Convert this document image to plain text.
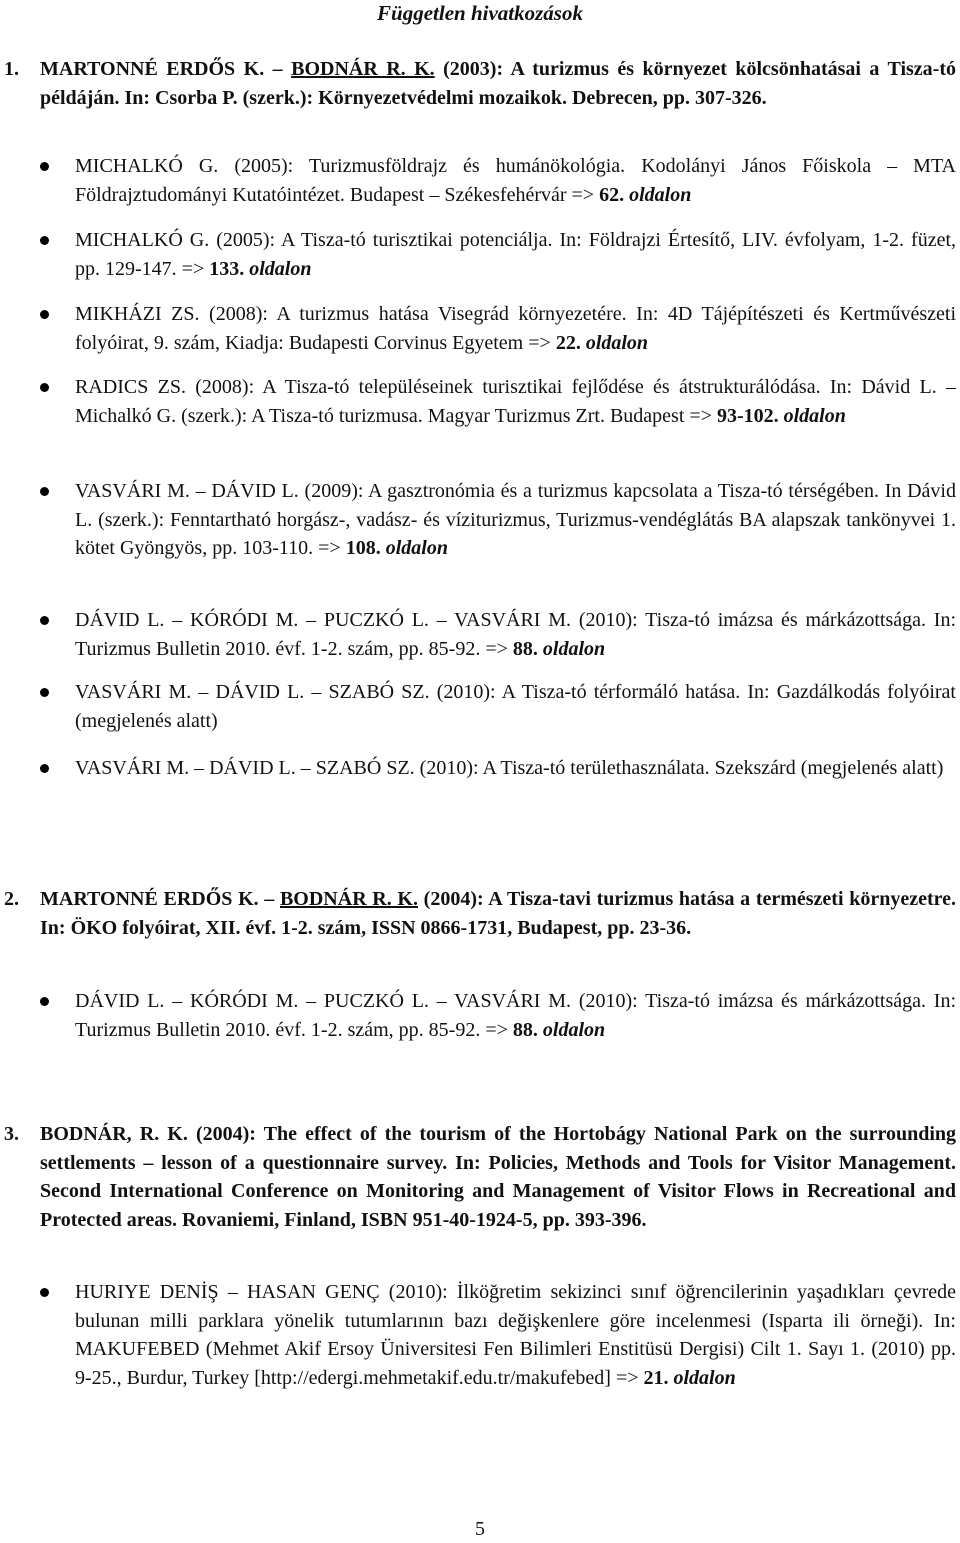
Független hivatkozások
1. MARTONNÉ ERDŐS K. – BODNÁR R. K. (2003): A turizmus és környezet kölcsönhatásai a Tisza-tó példáján. In: Csorba P. (szerk.): Környezetvédelmi mozaikok. Debrecen, pp. 307-326.
MICHALKÓ G. (2005): Turizmusföldrajz és humánökológia. Kodolányi János Főiskola – MTA Földrajztudományi Kutatóintézet. Budapest – Székesfehérvár => 62. oldalon
MICHALKÓ G. (2005): A Tisza-tó turisztikai potenciálja. In: Földrajzi Értesítő, LIV. évfolyam, 1-2. füzet, pp. 129-147. => 133. oldalon
MIKHÁZI ZS. (2008): A turizmus hatása Visegrád környezetére. In: 4D Tájépítészeti és Kertművészeti folyóirat, 9. szám, Kiadja: Budapesti Corvinus Egyetem => 22. oldalon
RADICS ZS. (2008): A Tisza-tó településeinek turisztikai fejlődése és átstrukturálódása. In: Dávid L. – Michalkó G. (szerk.): A Tisza-tó turizmusa. Magyar Turizmus Zrt. Budapest => 93-102. oldalon
VASVÁRI M. – DÁVID L. (2009): A gasztronómia és a turizmus kapcsolata a Tisza-tó térségében. In Dávid L. (szerk.): Fenntartható horgász-, vadász- és víziturizmus, Turizmus-vendéglátás BA alapszak tankönyvei 1. kötet Gyöngyös, pp. 103-110. => 108. oldalon
DÁVID L. – KÓRÓDI M. – PUCZKÓ L. – VASVÁRI M. (2010): Tisza-tó imázsa és márkázottsága. In: Turizmus Bulletin 2010. évf. 1-2. szám, pp. 85-92. => 88. oldalon
VASVÁRI M. – DÁVID L. – SZABÓ SZ. (2010): A Tisza-tó térformáló hatása. In: Gazdálkodás folyóirat (megjelenés alatt)
VASVÁRI M. – DÁVID L. – SZABÓ SZ. (2010): A Tisza-tó területhasználata. Szekszárd (megjelenés alatt)
2. MARTONNÉ ERDŐS K. – BODNÁR R. K. (2004): A Tisza-tavi turizmus hatása a természeti környezetre. In: ÖKO folyóirat, XII. évf. 1-2. szám, ISSN 0866-1731, Budapest, pp. 23-36.
DÁVID L. – KÓRÓDI M. – PUCZKÓ L. – VASVÁRI M. (2010): Tisza-tó imázsa és márkázottsága. In: Turizmus Bulletin 2010. évf. 1-2. szám, pp. 85-92. => 88. oldalon
3. BODNÁR, R. K. (2004): The effect of the tourism of the Hortobágy National Park on the surrounding settlements – lesson of a questionnaire survey. In: Policies, Methods and Tools for Visitor Management. Second International Conference on Monitoring and Management of Visitor Flows in Recreational and Protected areas. Rovaniemi, Finland, ISBN 951-40-1924-5, pp. 393-396.
HURIYE DENİŞ – HASAN GENÇ (2010): İlköğretim sekizinci sınıf öğrencilerinin yaşadıkları çevrede bulunan milli parklara yönelik tutumlarının bazı değişkenlere göre incelenmesi (Isparta ili örneği). In: MAKUFEBED (Mehmet Akif Ersoy Üniversitesi Fen Bilimleri Enstitüsü Dergisi) Cilt 1. Sayı 1. (2010) pp. 9-25., Burdur, Turkey [http://edergi.mehmetakif.edu.tr/makufebed] => 21. oldalon
5
